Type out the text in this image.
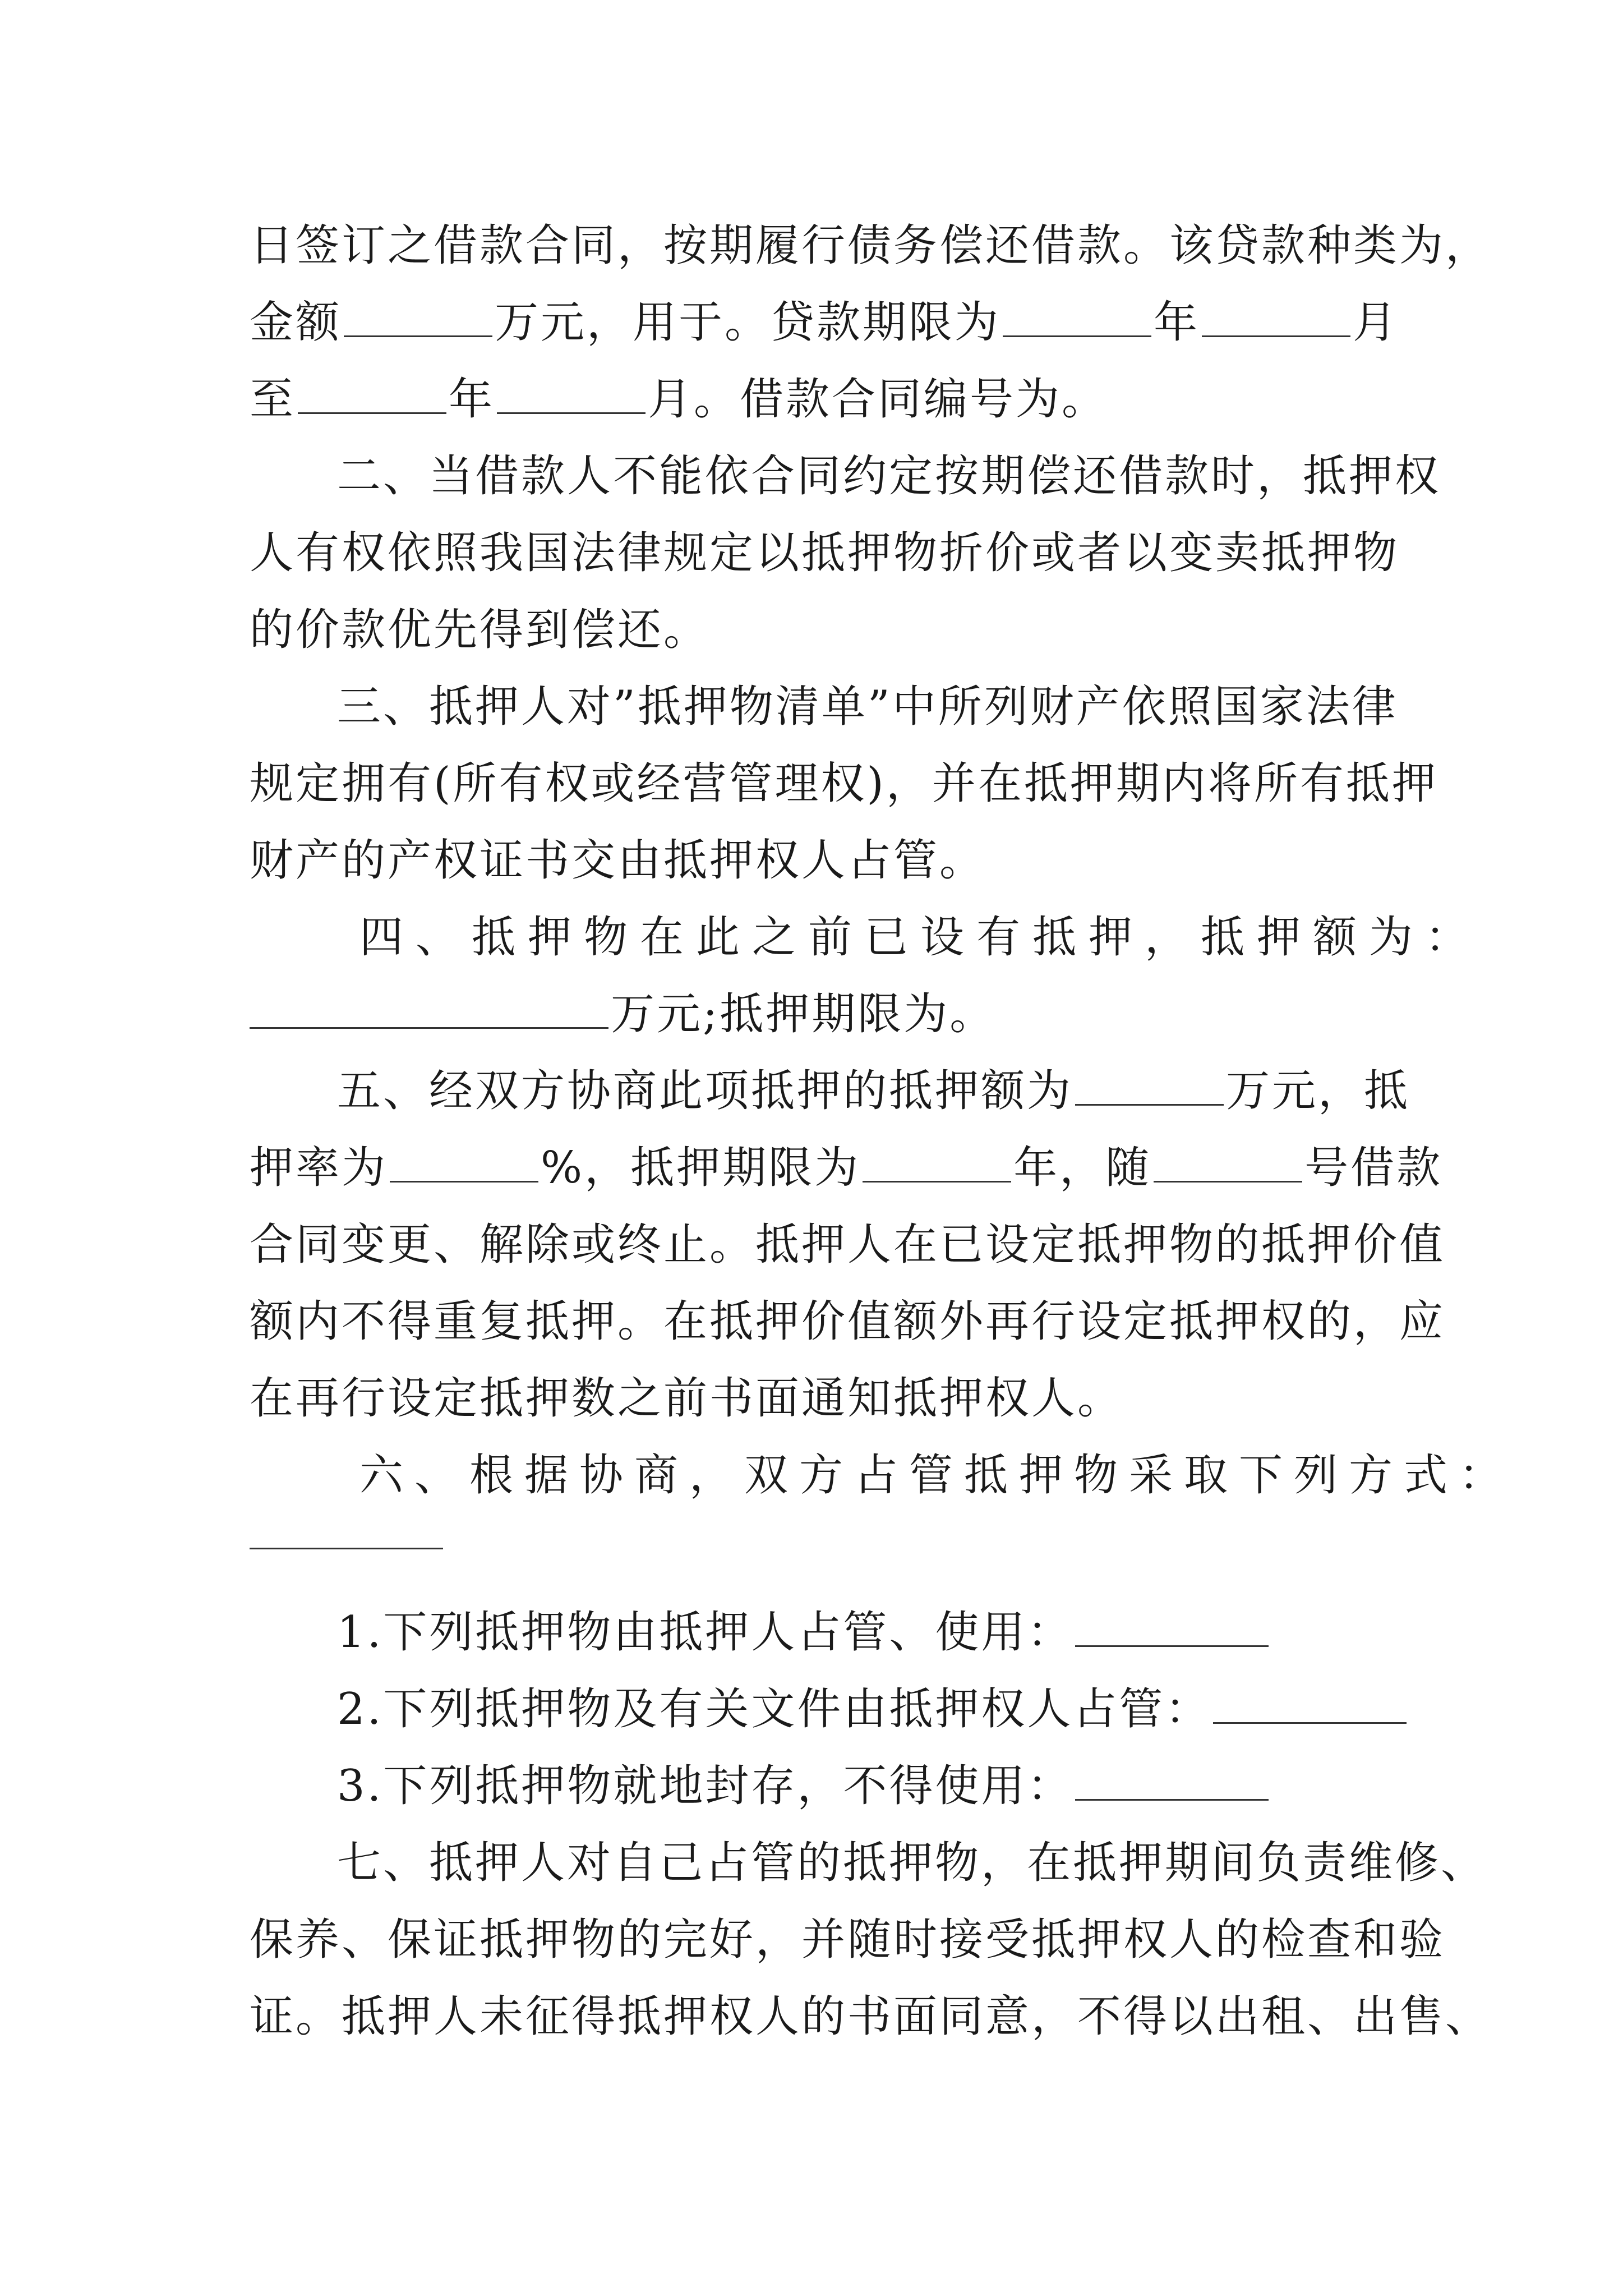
日签订之借款合同，按期履行债务偿还借款。该贷款种类为，
金额	万元，用于。贷款期限为	年	月
至	年	月。借款合同编号为。
二、当借款人不能依合同约定按期偿还借款时，抵押权
人有权依照我国法律规定以抵押物折价或者以变卖抵押物
的价款优先得到偿还。
三、抵押人对”抵押物清单”中所列财产依照国家法律
规定拥有(所有权或经营管理权)，并在抵押期内将所有抵押
财产的产权证书交由抵押权人占管。
四、抵押物在此之前已设有抵押，抵押额为：
万元;抵押期限为。
五、经双方协商此项抵押的抵押额为	万元，抵
押率为	%，抵押期限为	年，随	号借款
合同变更、解除或终止。抵押人在已设定抵押物的抵押价值
额内不得重复抵押。在抵押价值额外再行设定抵押权的，应
在再行设定抵押数之前书面通知抵押权人。
六、根据协商，双方占管抵押物采取下列方式：
1.下列抵押物由抵押人占管、使用：
2.下列抵押物及有关文件由抵押权人占管：
3.下列抵押物就地封存，不得使用：
七、抵押人对自己占管的抵押物，在抵押期间负责维修、
保养、保证抵押物的完好，并随时接受抵押权人的检查和验
证。抵押人未征得抵押权人的书面同意，不得以出租、出售、
